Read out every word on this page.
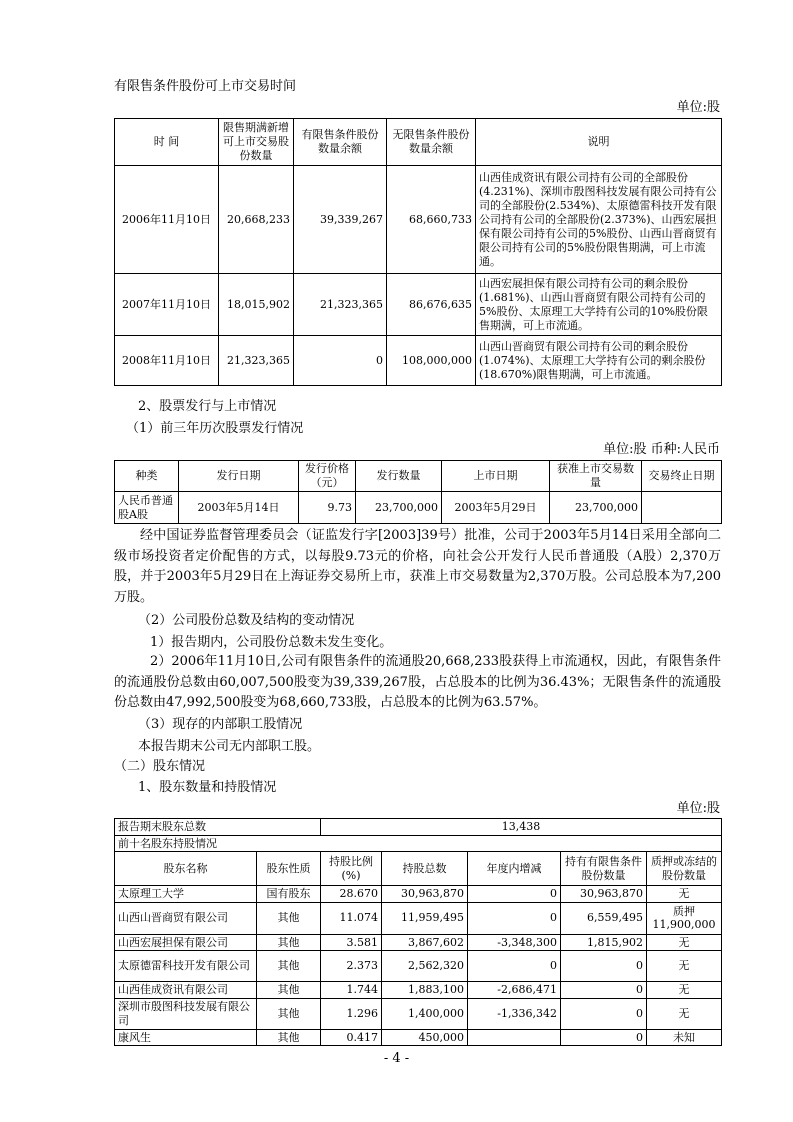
有限售条件股份可上市交易时间
单位:股
时 间	限售期满新增可上市交易股份数量	有限售条件股份数量余额	无限售条件股份数量余额	说明
2006年11月10日	20,668,233	39,339,267	68,660,733	山西佳成资讯有限公司持有公司的全部股份(4.231%)、深圳市殷图科技发展有限公司持有公司的全部股份(2.534%)、太原德雷科技开发有限公司持有公司的全部股份(2.373%)、山西宏展担保有限公司持有公司的5%股份、山西山晋商贸有限公司持有公司的5%股份限售期满，可上市流通。
2007年11月10日	18,015,902	21,323,365	86,676,635	山西宏展担保有限公司持有公司的剩余股份(1.681%)、山西山晋商贸有限公司持有公司的5%股份、太原理工大学持有公司的10%股份限售期满，可上市流通。
2008年11月10日	21,323,365	0	108,000,000	山西山晋商贸有限公司持有公司的剩余股份(1.074%)、太原理工大学持有公司的剩余股份(18.670%)限售期满，可上市流通。
2、股票发行与上市情况
（1）前三年历次股票发行情况
单位:股 币种:人民币
种类	发行日期	发行价格（元）	发行数量	上市日期	获准上市交易数量	交易终止日期
人民币普通股A股	2003年5月14日	9.73	23,700,000	2003年5月29日	23,700,000	
经中国证券监督管理委员会（证监发行字[2003]39号）批准，公司于2003年5月14日采用全部向二级市场投资者定价配售的方式，以每股9.73元的价格，向社会公开发行人民币普通股（A股）2,370万股，并于2003年5月29日在上海证券交易所上市，获准上市交易数量为2,370万股。公司总股本为7,200万股。
（2）公司股份总数及结构的变动情况
1）报告期内，公司股份总数未发生变化。
2）2006年11月10日,公司有限售条件的流通股20,668,233股获得上市流通权，因此，有限售条件的流通股份总数由60,007,500股变为39,339,267股，占总股本的比例为36.43%；无限售条件的流通股份总数由47,992,500股变为68,660,733股，占总股本的比例为63.57%。
（3）现存的内部职工股情况
本报告期末公司无内部职工股。
（二）股东情况
1、股东数量和持股情况
单位:股
报告期末股东总数		13,438				
前十名股东持股情况						
股东名称	股东性质	持股比例(%)	持股总数	年度内增减	持有有限售条件股份数量	质押或冻结的股份数量
太原理工大学	国有股东	28.670	30,963,870	0	30,963,870	无
山西山晋商贸有限公司	其他	11.074	11,959,495	0	6,559,495	质押 11,900,000
山西宏展担保有限公司	其他	3.581	3,867,602	-3,348,300	1,815,902	无
太原德雷科技开发有限公司	其他	2.373	2,562,320	0	0	无
山西佳成资讯有限公司	其他	1.744	1,883,100	-2,686,471	0	无
深圳市殷图科技发展有限公司	其他	1.296	1,400,000	-1,336,342	0	无
康风生	其他	0.417	450,000		0	未知
- 4 -
